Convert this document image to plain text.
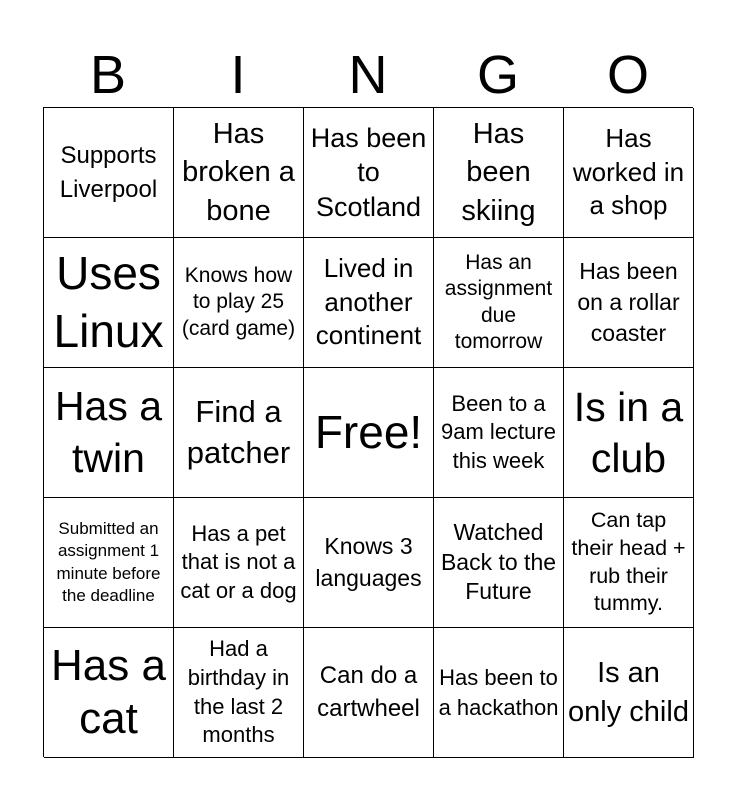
B	I	N	G	O
Supports Liverpool
Has broken a bone
Has been to Scotland
Has been skiing
Has worked in a shop
Uses Linux
Knows how to play 25 (card game)
Lived in another continent
Has an assignment due tomorrow
Has been on a rollar coaster
Has a twin
Find a patcher Free!
Been to a 9am lecture this week
Is in a club
Submitted an assignment 1 minute before the deadline
Has a pet that is not a cat or a dog
Knows 3 languages
Watched Back to the Future
Can tap their head + rub their tummy.
Has a cat
Had a birthday in the last 2 months
Can do a cartwheel
Has been to a hackathon
Is an only child
